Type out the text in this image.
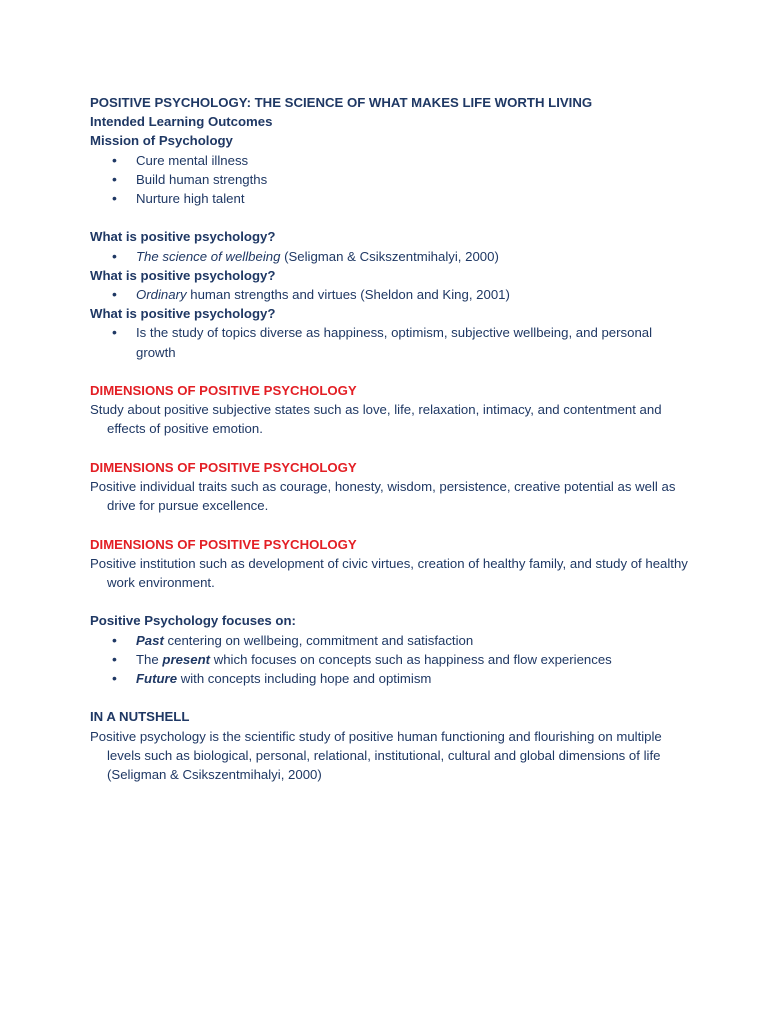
POSITIVE PSYCHOLOGY: THE SCIENCE OF WHAT MAKES LIFE WORTH LIVING
Intended Learning Outcomes
Mission of Psychology
• Cure mental illness
• Build human strengths
• Nurture high talent
What is positive psychology?
• The science of wellbeing (Seligman & Csikszentmihalyi, 2000)
What is positive psychology?
• Ordinary human strengths and virtues (Sheldon and King, 2001)
What is positive psychology?
• Is the study of topics diverse as happiness, optimism, subjective wellbeing, and personal growth
DIMENSIONS OF POSITIVE PSYCHOLOGY
Study about positive subjective states such as love, life, relaxation, intimacy, and contentment and effects of positive emotion.
DIMENSIONS OF POSITIVE PSYCHOLOGY
Positive individual traits such as courage, honesty, wisdom, persistence, creative potential as well as drive for pursue excellence.
DIMENSIONS OF POSITIVE PSYCHOLOGY
Positive institution such as development of civic virtues, creation of healthy family, and study of healthy work environment.
Positive Psychology focuses on:
• Past centering on wellbeing, commitment and satisfaction
• The present which focuses on concepts such as happiness and flow experiences
• Future with concepts including hope and optimism
IN A NUTSHELL
Positive psychology is the scientific study of positive human functioning and flourishing on multiple levels such as biological, personal, relational, institutional, cultural and global dimensions of life (Seligman & Csikszentmihalyi, 2000)
